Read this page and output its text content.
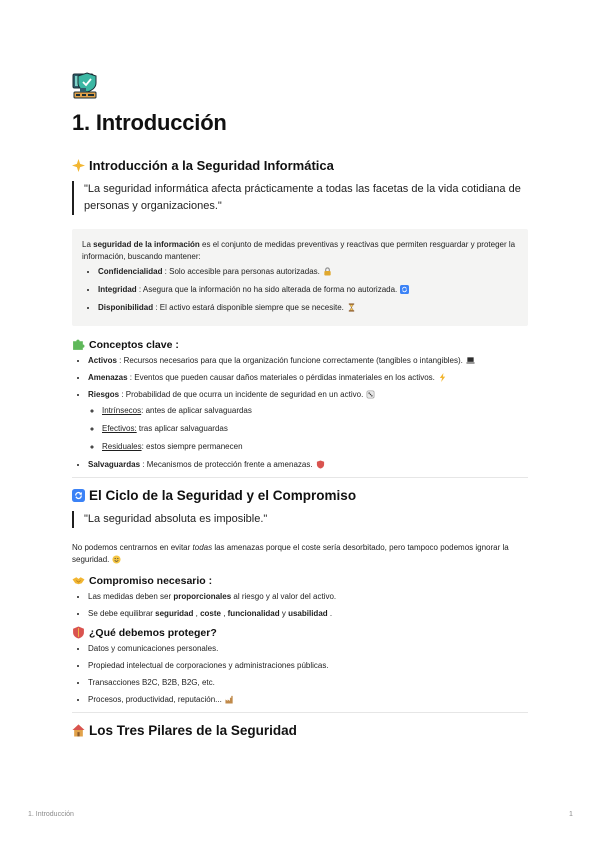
1. Introducción
Introducción a la Seguridad Informática
"La seguridad informática afecta prácticamente a todas las facetas de la vida cotidiana de personas y organizaciones."

La seguridad de la información es el conjunto de medidas preventivas y reactivas que permiten resguardar y proteger la información, buscando mantener:

• Confidencialidad : Solo accesible para personas autorizadas.
• Integridad : Asegura que la información no ha sido alterada de forma no autorizada.
• Disponibilidad : El activo estará disponible siempre que se necesite.
Conceptos clave :
• Activos : Recursos necesarios para que la organización funcione correctamente (tangibles o intangibles).
• Amenazas : Eventos que pueden causar daños materiales o pérdidas inmateriales en los activos.
• Riesgos : Probabilidad de que ocurra un incidente de seguridad en un activo.
◦ Intrínsecos: antes de aplicar salvaguardas
◦ Efectivos: tras aplicar salvaguardas
◦ Residuales: estos siempre permanecen
• Salvaguardas : Mecanismos de protección frente a amenazas.
El Ciclo de la Seguridad y el Compromiso
"La seguridad absoluta es imposible."

No podemos centrarnos en evitar todas las amenazas porque el coste sería desorbitado, pero tampoco podemos ignorar la seguridad.

Compromiso necesario :
• Las medidas deben ser proporcionales al riesgo y al valor del activo.
• Se debe equilibrar seguridad , coste , funcionalidad y usabilidad .
¿Qué debemos proteger?
• Datos y comunicaciones personales.
• Propiedad intelectual de corporaciones y administraciones públicas.
• Transacciones B2C, B2B, B2G, etc.
• Procesos, productividad, reputación...
Los Tres Pilares de la Seguridad
1. Introducción	1
